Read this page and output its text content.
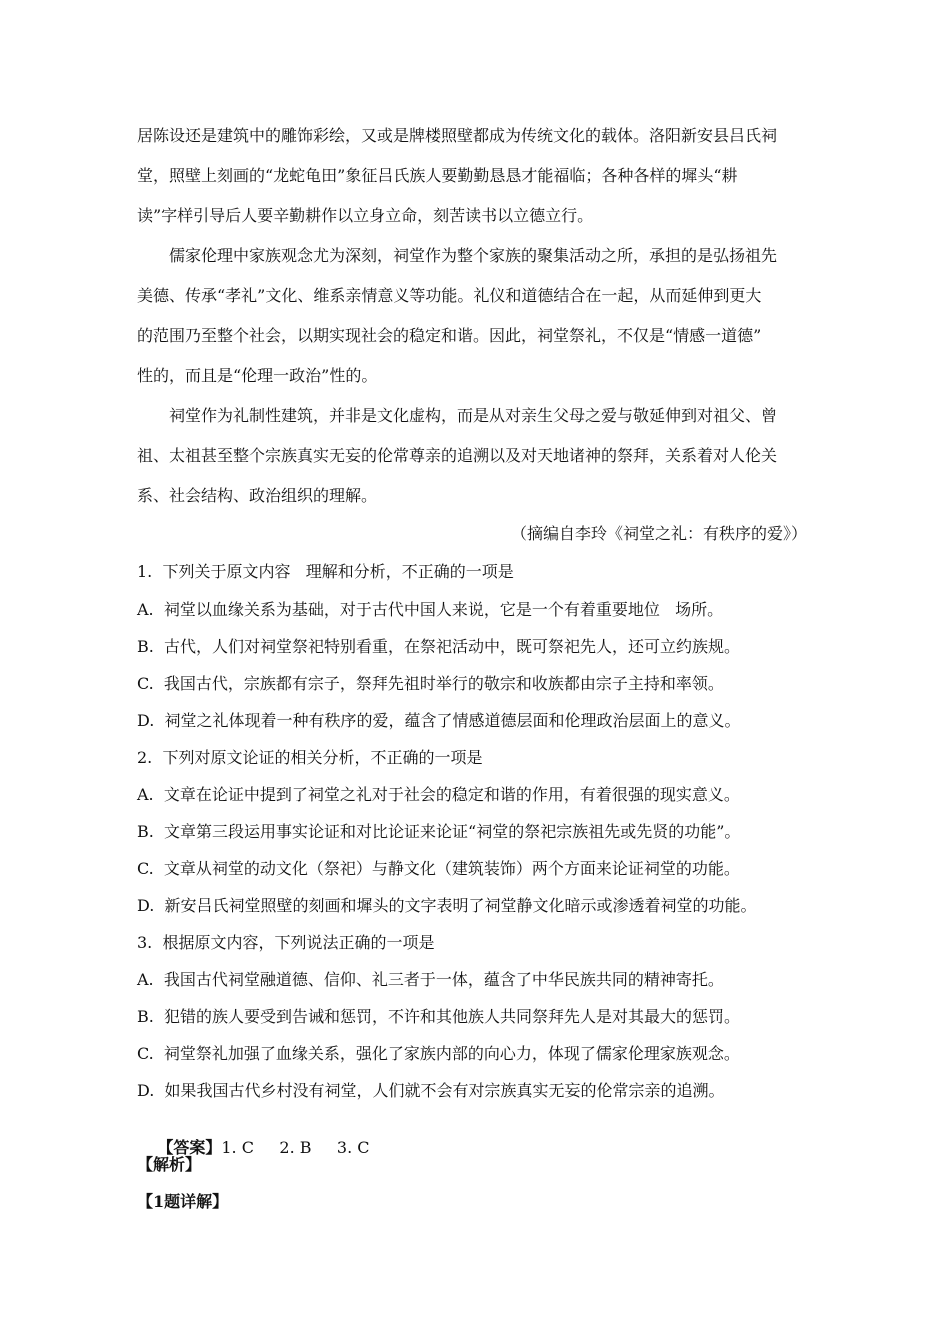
居陈设还是建筑中的雕饰彩绘，又或是牌楼照壁都成为传统文化的载体。洛阳新安县吕氏祠
堂，照壁上刻画的“龙蛇龟田”象征吕氏族人要勤勤恳恳才能福临；各种各样的墀头“耕
读”字样引导后人要辛勤耕作以立身立命，刻苦读书以立德立行。
儒家伦理中家族观念尤为深刻，祠堂作为整个家族的聚集活动之所，承担的是弘扬祖先
美德、传承“孝礼”文化、维系亲情意义等功能。礼仪和道德结合在一起，从而延伸到更大
的范围乃至整个社会，以期实现社会的稳定和谐。因此，祠堂祭礼，不仅是“情感一道德”
性的，而且是“伦理一政治”性的。
祠堂作为礼制性建筑，并非是文化虚构，而是从对亲生父母之爱与敬延伸到对祖父、曾
祖、太祖甚至整个宗族真实无妄的伦常尊亲的追溯以及对天地诸神的祭拜，关系着对人伦关
系、社会结构、政治组织的理解。
（摘编自李玲《祠堂之礼：有秩序的爱》）
1.  下列关于原文内容   理解和分析，不正确的一项是
A.  祠堂以血缘关系为基础，对于古代中国人来说，它是一个有着重要地位   场所。
B.  古代，人们对祠堂祭祀特别看重，在祭祀活动中，既可祭祀先人，还可立约族规。
C.  我国古代，宗族都有宗子，祭拜先祖时举行的敬宗和收族都由宗子主持和率领。
D.  祠堂之礼体现着一种有秩序的爱，蕴含了情感道德层面和伦理政治层面上的意义。
2.  下列对原文论证的相关分析，不正确的一项是
A.  文章在论证中提到了祠堂之礼对于社会的稳定和谐的作用，有着很强的现实意义。
B.  文章第三段运用事实论证和对比论证来论证“祠堂的祭祀宗族祖先或先贤的功能”。
C.  文章从祠堂的动文化（祭祀）与静文化（建筑装饰）两个方面来论证祠堂的功能。
D.  新安吕氏祠堂照壁的刻画和墀头的文字表明了祠堂静文化暗示或渗透着祠堂的功能。
3.  根据原文内容，下列说法正确的一项是
A.  我国古代祠堂融道德、信仰、礼三者于一体，蕴含了中华民族共同的精神寄托。
B.  犯错的族人要受到告诫和惩罚，不许和其他族人共同祭拜先人是对其最大的惩罚。
C.  祠堂祭礼加强了血缘关系，强化了家族内部的向心力，体现了儒家伦理家族观念。
D.  如果我国古代乡村没有祠堂，人们就不会有对宗族真实无妄的伦常宗亲的追溯。

【答案】1. C     2. B     3. C

【解析】
【1题详解】
